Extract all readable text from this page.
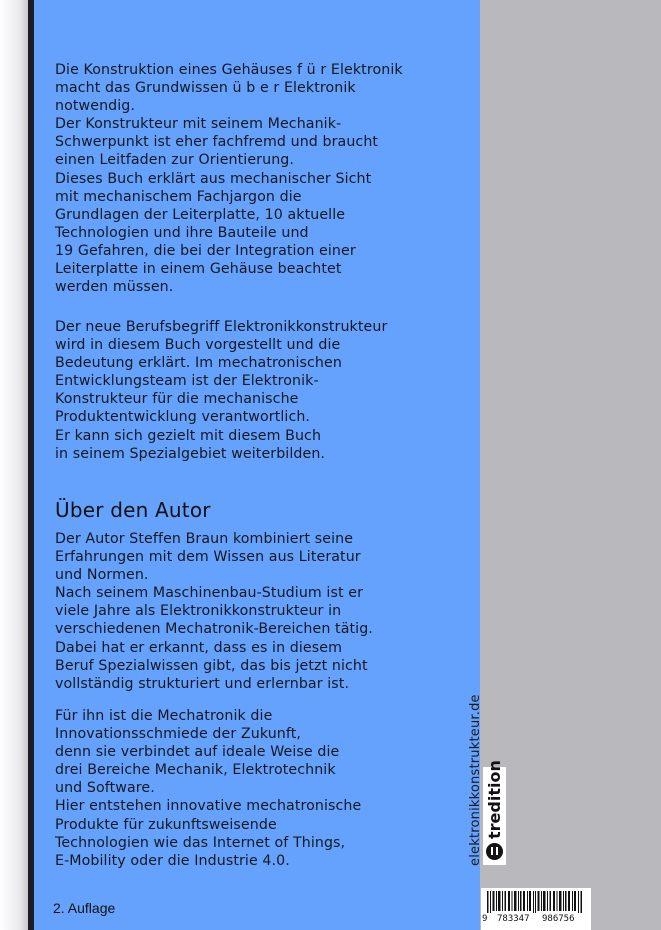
Die Konstruktion eines Gehäuses f ü r Elektronik
macht das Grundwissen ü b e r Elektronik
notwendig.
Der Konstrukteur mit seinem Mechanik-
Schwerpunkt ist eher fachfremd und braucht
einen Leitfaden zur Orientierung.
Dieses Buch erklärt aus mechanischer Sicht
mit mechanischem Fachjargon die
Grundlagen der Leiterplatte, 10 aktuelle
Technologien und ihre Bauteile und
19 Gefahren, die bei der Integration einer
Leiterplatte in einem Gehäuse beachtet
werden müssen.
Der neue Berufsbegriff Elektronikkonstrukteur
wird in diesem Buch vorgestellt und die
Bedeutung erklärt. Im mechatronischen
Entwicklungsteam ist der Elektronik-
Konstrukteur für die mechanische
Produktentwicklung verantwortlich.
Er kann sich gezielt mit diesem Buch
in seinem Spezialgebiet weiterbilden.
Über den Autor
Der Autor Steffen Braun kombiniert seine
Erfahrungen mit dem Wissen aus Literatur
und Normen.
Nach seinem Maschinenbau-Studium ist er
viele Jahre als Elektronikkonstrukteur in
verschiedenen Mechatronik-Bereichen tätig.
Dabei hat er erkannt, dass es in diesem
Beruf Spezialwissen gibt, das bis jetzt nicht
vollständig strukturiert und erlernbar ist.
Für ihn ist die Mechatronik die
Innovationsschmiede der Zukunft,
denn sie verbindet auf ideale Weise die
drei Bereiche Mechanik, Elektrotechnik
und Software.
Hier entstehen innovative mechatronische
Produkte für zukunftsweisende
Technologien wie das Internet of Things,
E-Mobility oder die Industrie 4.0.
2. Auflage
elektronikkonstrukteur.de tredition
9 783347 986756
